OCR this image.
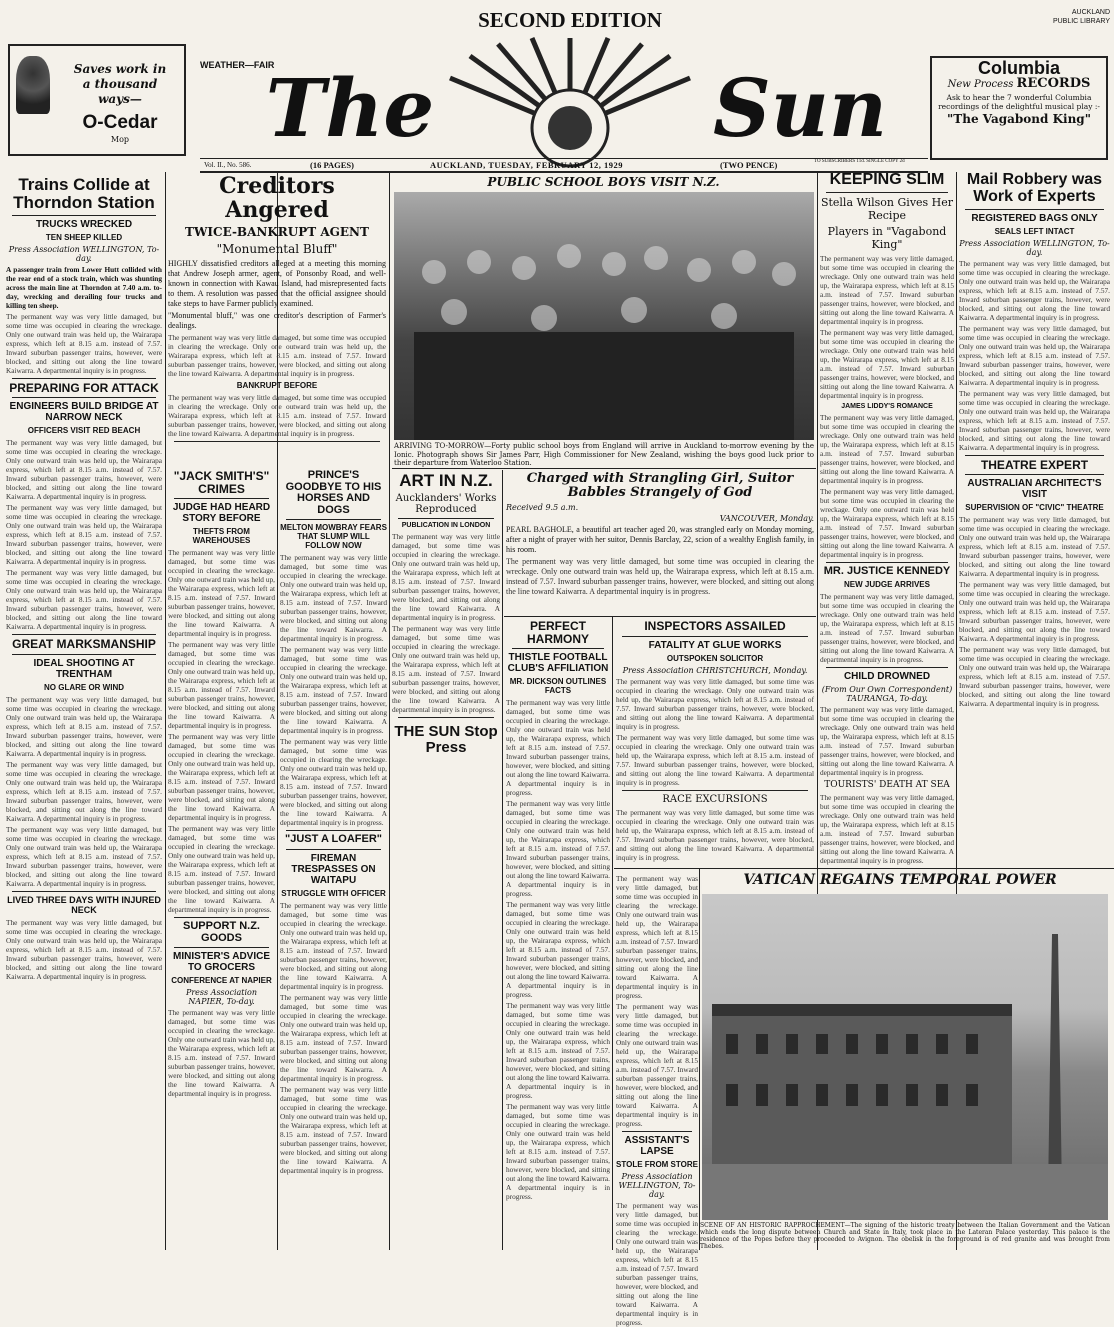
SECOND EDITION	AUCKLAND
PUBLIC LIBRARY
Saves work in
a thousand
ways—
O-Cedar
Mop
WEATHER—FAIR
The	Sun	Columbia
New Process RECORDS
Ask to hear the 7 wonderful Columbia recordings of the delightful musical play :-
"The Vagabond King"
Vol. II., No. 586.	(16 PAGES)	AUCKLAND, TUESDAY, FEBRUARY 12, 1929	(TWO PENCE)	TO SUBSCRIBERS 11d. SINGLE COPY 2d
Trains Collide at Thorndon Station
TRUCKS WRECKED
TEN SHEEP KILLED
Press Association WELLINGTON, To-day.
A passenger train from Lower Hutt collided with the rear end of a stock train, which was shunting across the main line at Thorndon at 7.40 a.m. to-day, wrecking and derailing four trucks and killing ten sheep.
The permanent way was very little damaged, but some time was occupied in clearing the wreckage. Only one outward train was held up, the Wairarapa express, which left at 8.15 a.m. instead of 7.57. Inward suburban passenger trains, however, were blocked, and sitting out along the line toward Kaiwarra. A departmental inquiry is in progress.
PREPARING FOR ATTACK
ENGINEERS BUILD BRIDGE AT NARROW NECK
OFFICERS VISIT RED BEACH
The permanent way was very little damaged, but some time was occupied in clearing the wreckage. Only one outward train was held up, the Wairarapa express, which left at 8.15 a.m. instead of 7.57. Inward suburban passenger trains, however, were blocked, and sitting out along the line toward Kaiwarra. A departmental inquiry is in progress.
The permanent way was very little damaged, but some time was occupied in clearing the wreckage. Only one outward train was held up, the Wairarapa express, which left at 8.15 a.m. instead of 7.57. Inward suburban passenger trains, however, were blocked, and sitting out along the line toward Kaiwarra. A departmental inquiry is in progress.
The permanent way was very little damaged, but some time was occupied in clearing the wreckage. Only one outward train was held up, the Wairarapa express, which left at 8.15 a.m. instead of 7.57. Inward suburban passenger trains, however, were blocked, and sitting out along the line toward Kaiwarra. A departmental inquiry is in progress.
GREAT MARKSMANSHIP
IDEAL SHOOTING AT TRENTHAM
NO GLARE OR WIND
The permanent way was very little damaged, but some time was occupied in clearing the wreckage. Only one outward train was held up, the Wairarapa express, which left at 8.15 a.m. instead of 7.57. Inward suburban passenger trains, however, were blocked, and sitting out along the line toward Kaiwarra. A departmental inquiry is in progress.
The permanent way was very little damaged, but some time was occupied in clearing the wreckage. Only one outward train was held up, the Wairarapa express, which left at 8.15 a.m. instead of 7.57. Inward suburban passenger trains, however, were blocked, and sitting out along the line toward Kaiwarra. A departmental inquiry is in progress.
The permanent way was very little damaged, but some time was occupied in clearing the wreckage. Only one outward train was held up, the Wairarapa express, which left at 8.15 a.m. instead of 7.57. Inward suburban passenger trains, however, were blocked, and sitting out along the line toward Kaiwarra. A departmental inquiry is in progress.
LIVED THREE DAYS WITH INJURED NECK
The permanent way was very little damaged, but some time was occupied in clearing the wreckage. Only one outward train was held up, the Wairarapa express, which left at 8.15 a.m. instead of 7.57. Inward suburban passenger trains, however, were blocked, and sitting out along the line toward Kaiwarra. A departmental inquiry is in progress.
Creditors Angered
TWICE-BANKRUPT AGENT
"Monumental Bluff"
HIGHLY dissatisfied creditors alleged at a meeting this morning that Andrew Joseph armer, agent, of Ponsonby Road, and well-known in connection with Kawau Island, had misrepresented facts to them. A resolution was passed that the official assignee should take steps to have Farmer publicly examined.
"Monumental bluff," was one creditor's description of Farmer's dealings.
The permanent way was very little damaged, but some time was occupied in clearing the wreckage. Only one outward train was held up, the Wairarapa express, which left at 8.15 a.m. instead of 7.57. Inward suburban passenger trains, however, were blocked, and sitting out along the line toward Kaiwarra. A departmental inquiry is in progress.
BANKRUPT BEFORE
The permanent way was very little damaged, but some time was occupied in clearing the wreckage. Only one outward train was held up, the Wairarapa express, which left at 8.15 a.m. instead of 7.57. Inward suburban passenger trains, however, were blocked, and sitting out along the line toward Kaiwarra. A departmental inquiry is in progress.
"JACK SMITH'S" CRIMES
JUDGE HAD HEARD STORY BEFORE
THEFTS FROM WAREHOUSES
The permanent way was very little damaged, but some time was occupied in clearing the wreckage. Only one outward train was held up, the Wairarapa express, which left at 8.15 a.m. instead of 7.57. Inward suburban passenger trains, however, were blocked, and sitting out along the line toward Kaiwarra. A departmental inquiry is in progress.
The permanent way was very little damaged, but some time was occupied in clearing the wreckage. Only one outward train was held up, the Wairarapa express, which left at 8.15 a.m. instead of 7.57. Inward suburban passenger trains, however, were blocked, and sitting out along the line toward Kaiwarra. A departmental inquiry is in progress.
The permanent way was very little damaged, but some time was occupied in clearing the wreckage. Only one outward train was held up, the Wairarapa express, which left at 8.15 a.m. instead of 7.57. Inward suburban passenger trains, however, were blocked, and sitting out along the line toward Kaiwarra. A departmental inquiry is in progress.
The permanent way was very little damaged, but some time was occupied in clearing the wreckage. Only one outward train was held up, the Wairarapa express, which left at 8.15 a.m. instead of 7.57. Inward suburban passenger trains, however, were blocked, and sitting out along the line toward Kaiwarra. A departmental inquiry is in progress.
SUPPORT N.Z. GOODS
MINISTER'S ADVICE TO GROCERS
CONFERENCE AT NAPIER
Press Association NAPIER, To-day.
The permanent way was very little damaged, but some time was occupied in clearing the wreckage. Only one outward train was held up, the Wairarapa express, which left at 8.15 a.m. instead of 7.57. Inward suburban passenger trains, however, were blocked, and sitting out along the line toward Kaiwarra. A departmental inquiry is in progress.
PRINCE'S GOODBYE TO HIS HORSES AND DOGS
MELTON MOWBRAY FEARS THAT SLUMP WILL FOLLOW NOW
The permanent way was very little damaged, but some time was occupied in clearing the wreckage. Only one outward train was held up, the Wairarapa express, which left at 8.15 a.m. instead of 7.57. Inward suburban passenger trains, however, were blocked, and sitting out along the line toward Kaiwarra. A departmental inquiry is in progress.
The permanent way was very little damaged, but some time was occupied in clearing the wreckage. Only one outward train was held up, the Wairarapa express, which left at 8.15 a.m. instead of 7.57. Inward suburban passenger trains, however, were blocked, and sitting out along the line toward Kaiwarra. A departmental inquiry is in progress.
The permanent way was very little damaged, but some time was occupied in clearing the wreckage. Only one outward train was held up, the Wairarapa express, which left at 8.15 a.m. instead of 7.57. Inward suburban passenger trains, however, were blocked, and sitting out along the line toward Kaiwarra. A departmental inquiry is in progress.
"JUST A LOAFER"
FIREMAN TRESPASSES ON WAITAPU
STRUGGLE WITH OFFICER
The permanent way was very little damaged, but some time was occupied in clearing the wreckage. Only one outward train was held up, the Wairarapa express, which left at 8.15 a.m. instead of 7.57. Inward suburban passenger trains, however, were blocked, and sitting out along the line toward Kaiwarra. A departmental inquiry is in progress.
The permanent way was very little damaged, but some time was occupied in clearing the wreckage. Only one outward train was held up, the Wairarapa express, which left at 8.15 a.m. instead of 7.57. Inward suburban passenger trains, however, were blocked, and sitting out along the line toward Kaiwarra. A departmental inquiry is in progress.
The permanent way was very little damaged, but some time was occupied in clearing the wreckage. Only one outward train was held up, the Wairarapa express, which left at 8.15 a.m. instead of 7.57. Inward suburban passenger trains, however, were blocked, and sitting out along the line toward Kaiwarra. A departmental inquiry is in progress.
PUBLIC SCHOOL BOYS VISIT N.Z.
ARRIVING TO-MORROW—Forty public school boys from England will arrive in Auckland to-morrow evening by the Ionic. Photograph shows Sir James Parr, High Commissioner for New Zealand, wishing the boys good luck prior to their departure from Waterloo Station.
ART IN N.Z.
Aucklanders' Works Reproduced
PUBLICATION IN LONDON
The permanent way was very little damaged, but some time was occupied in clearing the wreckage. Only one outward train was held up, the Wairarapa express, which left at 8.15 a.m. instead of 7.57. Inward suburban passenger trains, however, were blocked, and sitting out along the line toward Kaiwarra. A departmental inquiry is in progress.
The permanent way was very little damaged, but some time was occupied in clearing the wreckage. Only one outward train was held up, the Wairarapa express, which left at 8.15 a.m. instead of 7.57. Inward suburban passenger trains, however, were blocked, and sitting out along the line toward Kaiwarra. A departmental inquiry is in progress.
THE SUN Stop Press
Charged with Strangling Girl, Suitor Babbles Strangely of God
Received 9.5 a.m.
VANCOUVER, Monday.
PEARL BAGHOLE, a beautiful art teacher aged 20, was strangled early on Monday morning, after a night of prayer with her suitor, Dennis Barclay, 22, scion of a wealthy English family, in his room.
The permanent way was very little damaged, but some time was occupied in clearing the wreckage. Only one outward train was held up, the Wairarapa express, which left at 8.15 a.m. instead of 7.57. Inward suburban passenger trains, however, were blocked, and sitting out along the line toward Kaiwarra. A departmental inquiry is in progress.
PERFECT HARMONY
THISTLE FOOTBALL CLUB'S AFFILIATION
MR. DICKSON OUTLINES FACTS
The permanent way was very little damaged, but some time was occupied in clearing the wreckage. Only one outward train was held up, the Wairarapa express, which left at 8.15 a.m. instead of 7.57. Inward suburban passenger trains, however, were blocked, and sitting out along the line toward Kaiwarra. A departmental inquiry is in progress.
The permanent way was very little damaged, but some time was occupied in clearing the wreckage. Only one outward train was held up, the Wairarapa express, which left at 8.15 a.m. instead of 7.57. Inward suburban passenger trains, however, were blocked, and sitting out along the line toward Kaiwarra. A departmental inquiry is in progress.
The permanent way was very little damaged, but some time was occupied in clearing the wreckage. Only one outward train was held up, the Wairarapa express, which left at 8.15 a.m. instead of 7.57. Inward suburban passenger trains, however, were blocked, and sitting out along the line toward Kaiwarra. A departmental inquiry is in progress.
The permanent way was very little damaged, but some time was occupied in clearing the wreckage. Only one outward train was held up, the Wairarapa express, which left at 8.15 a.m. instead of 7.57. Inward suburban passenger trains, however, were blocked, and sitting out along the line toward Kaiwarra. A departmental inquiry is in progress.
The permanent way was very little damaged, but some time was occupied in clearing the wreckage. Only one outward train was held up, the Wairarapa express, which left at 8.15 a.m. instead of 7.57. Inward suburban passenger trains, however, were blocked, and sitting out along the line toward Kaiwarra. A departmental inquiry is in progress.
INSPECTORS ASSAILED
FATALITY AT GLUE WORKS
OUTSPOKEN SOLICITOR
Press Association CHRISTCHURCH, Monday.
The permanent way was very little damaged, but some time was occupied in clearing the wreckage. Only one outward train was held up, the Wairarapa express, which left at 8.15 a.m. instead of 7.57. Inward suburban passenger trains, however, were blocked, and sitting out along the line toward Kaiwarra. A departmental inquiry is in progress.
The permanent way was very little damaged, but some time was occupied in clearing the wreckage. Only one outward train was held up, the Wairarapa express, which left at 8.15 a.m. instead of 7.57. Inward suburban passenger trains, however, were blocked, and sitting out along the line toward Kaiwarra. A departmental inquiry is in progress.
RACE EXCURSIONS
The permanent way was very little damaged, but some time was occupied in clearing the wreckage. Only one outward train was held up, the Wairarapa express, which left at 8.15 a.m. instead of 7.57. Inward suburban passenger trains, however, were blocked, and sitting out along the line toward Kaiwarra. A departmental inquiry is in progress.
VATICAN REGAINS TEMPORAL POWER
SCENE OF AN HISTORIC RAPPROCHEMENT—The signing of the historic treaty between the Italian Government and the Vatican which ends the long dispute between Church and State in Italy, took place in the Lateran Palace yesterday. This palace is the residence of the Popes before they proceeded to Avignon. The obelisk in the foreground is of red granite and was brought from Thebes.
The permanent way was very little damaged, but some time was occupied in clearing the wreckage. Only one outward train was held up, the Wairarapa express, which left at 8.15 a.m. instead of 7.57. Inward suburban passenger trains, however, were blocked, and sitting out along the line toward Kaiwarra. A departmental inquiry is in progress.
The permanent way was very little damaged, but some time was occupied in clearing the wreckage. Only one outward train was held up, the Wairarapa express, which left at 8.15 a.m. instead of 7.57. Inward suburban passenger trains, however, were blocked, and sitting out along the line toward Kaiwarra. A departmental inquiry is in progress.
ASSISTANT'S LAPSE
STOLE FROM STORE
Press Association WELLINGTON, To-day.
The permanent way was very little damaged, but some time was occupied in clearing the wreckage. Only one outward train was held up, the Wairarapa express, which left at 8.15 a.m. instead of 7.57. Inward suburban passenger trains, however, were blocked, and sitting out along the line toward Kaiwarra. A departmental inquiry is in progress.
KEEPING SLIM
Stella Wilson Gives Her Recipe
Players in "Vagabond King"
The permanent way was very little damaged, but some time was occupied in clearing the wreckage. Only one outward train was held up, the Wairarapa express, which left at 8.15 a.m. instead of 7.57. Inward suburban passenger trains, however, were blocked, and sitting out along the line toward Kaiwarra. A departmental inquiry is in progress.
The permanent way was very little damaged, but some time was occupied in clearing the wreckage. Only one outward train was held up, the Wairarapa express, which left at 8.15 a.m. instead of 7.57. Inward suburban passenger trains, however, were blocked, and sitting out along the line toward Kaiwarra. A departmental inquiry is in progress.
JAMES LIDDY'S ROMANCE
The permanent way was very little damaged, but some time was occupied in clearing the wreckage. Only one outward train was held up, the Wairarapa express, which left at 8.15 a.m. instead of 7.57. Inward suburban passenger trains, however, were blocked, and sitting out along the line toward Kaiwarra. A departmental inquiry is in progress.
The permanent way was very little damaged, but some time was occupied in clearing the wreckage. Only one outward train was held up, the Wairarapa express, which left at 8.15 a.m. instead of 7.57. Inward suburban passenger trains, however, were blocked, and sitting out along the line toward Kaiwarra. A departmental inquiry is in progress.
MR. JUSTICE KENNEDY
NEW JUDGE ARRIVES
The permanent way was very little damaged, but some time was occupied in clearing the wreckage. Only one outward train was held up, the Wairarapa express, which left at 8.15 a.m. instead of 7.57. Inward suburban passenger trains, however, were blocked, and sitting out along the line toward Kaiwarra. A departmental inquiry is in progress.
CHILD DROWNED
(From Our Own Correspondent) TAURANGA, To-day.
The permanent way was very little damaged, but some time was occupied in clearing the wreckage. Only one outward train was held up, the Wairarapa express, which left at 8.15 a.m. instead of 7.57. Inward suburban passenger trains, however, were blocked, and sitting out along the line toward Kaiwarra. A departmental inquiry is in progress.
TOURISTS' DEATH AT SEA
The permanent way was very little damaged, but some time was occupied in clearing the wreckage. Only one outward train was held up, the Wairarapa express, which left at 8.15 a.m. instead of 7.57. Inward suburban passenger trains, however, were blocked, and sitting out along the line toward Kaiwarra. A departmental inquiry is in progress.
Mail Robbery was Work of Experts
REGISTERED BAGS ONLY
SEALS LEFT INTACT
Press Association WELLINGTON, To-day.
The permanent way was very little damaged, but some time was occupied in clearing the wreckage. Only one outward train was held up, the Wairarapa express, which left at 8.15 a.m. instead of 7.57. Inward suburban passenger trains, however, were blocked, and sitting out along the line toward Kaiwarra. A departmental inquiry is in progress.
The permanent way was very little damaged, but some time was occupied in clearing the wreckage. Only one outward train was held up, the Wairarapa express, which left at 8.15 a.m. instead of 7.57. Inward suburban passenger trains, however, were blocked, and sitting out along the line toward Kaiwarra. A departmental inquiry is in progress.
The permanent way was very little damaged, but some time was occupied in clearing the wreckage. Only one outward train was held up, the Wairarapa express, which left at 8.15 a.m. instead of 7.57. Inward suburban passenger trains, however, were blocked, and sitting out along the line toward Kaiwarra. A departmental inquiry is in progress.
THEATRE EXPERT
AUSTRALIAN ARCHITECT'S VISIT
SUPERVISION OF "CIVIC" THEATRE
The permanent way was very little damaged, but some time was occupied in clearing the wreckage. Only one outward train was held up, the Wairarapa express, which left at 8.15 a.m. instead of 7.57. Inward suburban passenger trains, however, were blocked, and sitting out along the line toward Kaiwarra. A departmental inquiry is in progress.
The permanent way was very little damaged, but some time was occupied in clearing the wreckage. Only one outward train was held up, the Wairarapa express, which left at 8.15 a.m. instead of 7.57. Inward suburban passenger trains, however, were blocked, and sitting out along the line toward Kaiwarra. A departmental inquiry is in progress.
The permanent way was very little damaged, but some time was occupied in clearing the wreckage. Only one outward train was held up, the Wairarapa express, which left at 8.15 a.m. instead of 7.57. Inward suburban passenger trains, however, were blocked, and sitting out along the line toward Kaiwarra. A departmental inquiry is in progress.
